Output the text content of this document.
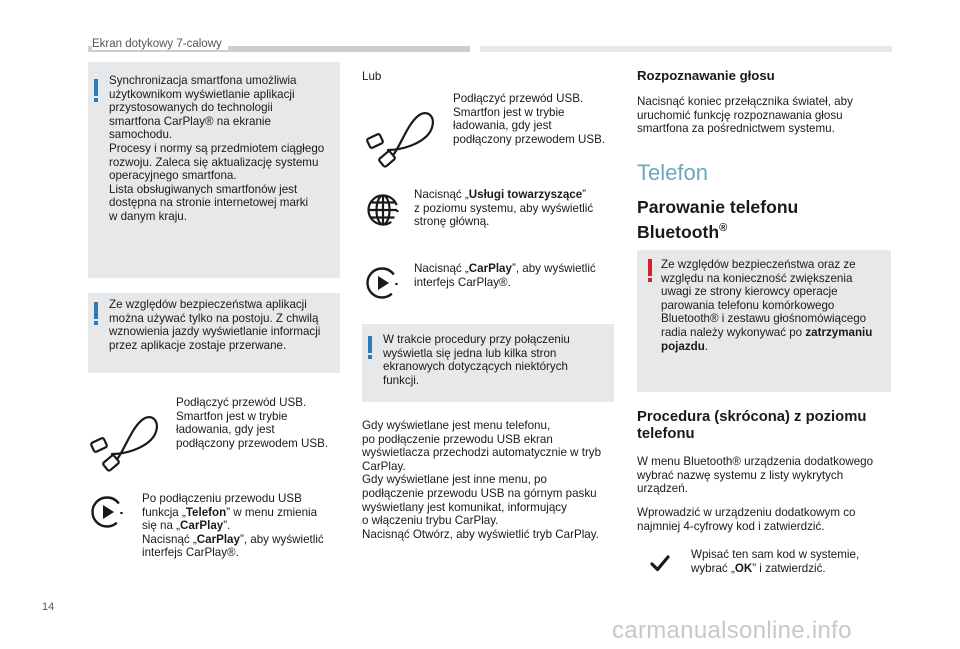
Ekran dotykowy 7-calowy
Synchronizacja smartfona umożliwia
użytkownikom wyświetlanie aplikacji
przystosowanych do technologii
smartfona CarPlay® na ekranie
samochodu.
Procesy i normy są przedmiotem ciągłego
rozwoju. Zaleca się aktualizację systemu
operacyjnego smartfona.
Lista obsługiwanych smartfonów jest
dostępna na stronie internetowej marki
w danym kraju.
Ze względów bezpieczeństwa aplikacji
można używać tylko na postoju. Z chwilą
wznowienia jazdy wyświetlanie informacji
przez aplikacje zostaje przerwane.
Podłączyć przewód USB.
Smartfon jest w trybie
ładowania, gdy jest
podłączony przewodem USB.
Po podłączeniu przewodu USB
funkcja „Telefon” w menu zmienia
się na „CarPlay”.
Nacisnąć „CarPlay”, aby wyświetlić
interfejs CarPlay®.
Lub
Podłączyć przewód USB.
Smartfon jest w trybie
ładowania, gdy jest
podłączony przewodem USB.
Nacisnąć „Usługi towarzyszące”
z poziomu systemu, aby wyświetlić
stronę główną.
Nacisnąć „CarPlay”, aby wyświetlić
interfejs CarPlay®.
W trakcie procedury przy połączeniu
wyświetla się jedna lub kilka stron
ekranowych dotyczących niektórych
funkcji.
Gdy wyświetlane jest menu telefonu,
po podłączenie przewodu USB ekran
wyświetlacza przechodzi automatycznie w tryb
CarPlay.
Gdy wyświetlane jest inne menu, po
podłączenie przewodu USB na górnym pasku
wyświetlany jest komunikat, informujący
o włączeniu trybu CarPlay.
Nacisnąć Otwórz, aby wyświetlić tryb CarPlay.
Rozpoznawanie głosu
Nacisnąć koniec przełącznika świateł, aby
uruchomić funkcję rozpoznawania głosu
smartfona za pośrednictwem systemu.
Telefon
Parowanie telefonu
Bluetooth®
Ze względów bezpieczeństwa oraz ze
względu na konieczność zwiększenia
uwagi ze strony kierowcy operacje
parowania telefonu komórkowego
Bluetooth® i zestawu głośnomówiącego
radia należy wykonywać po zatrzymaniu
pojazdu.
Procedura (skrócona) z poziomu
telefonu
W menu Bluetooth® urządzenia dodatkowego
wybrać nazwę systemu z listy wykrytych
urządzeń.
Wprowadzić w urządzeniu dodatkowym co
najmniej 4-cyfrowy kod i zatwierdzić.
Wpisać ten sam kod w systemie,
wybrać „OK” i zatwierdzić.
14
carmanualsonline.info
